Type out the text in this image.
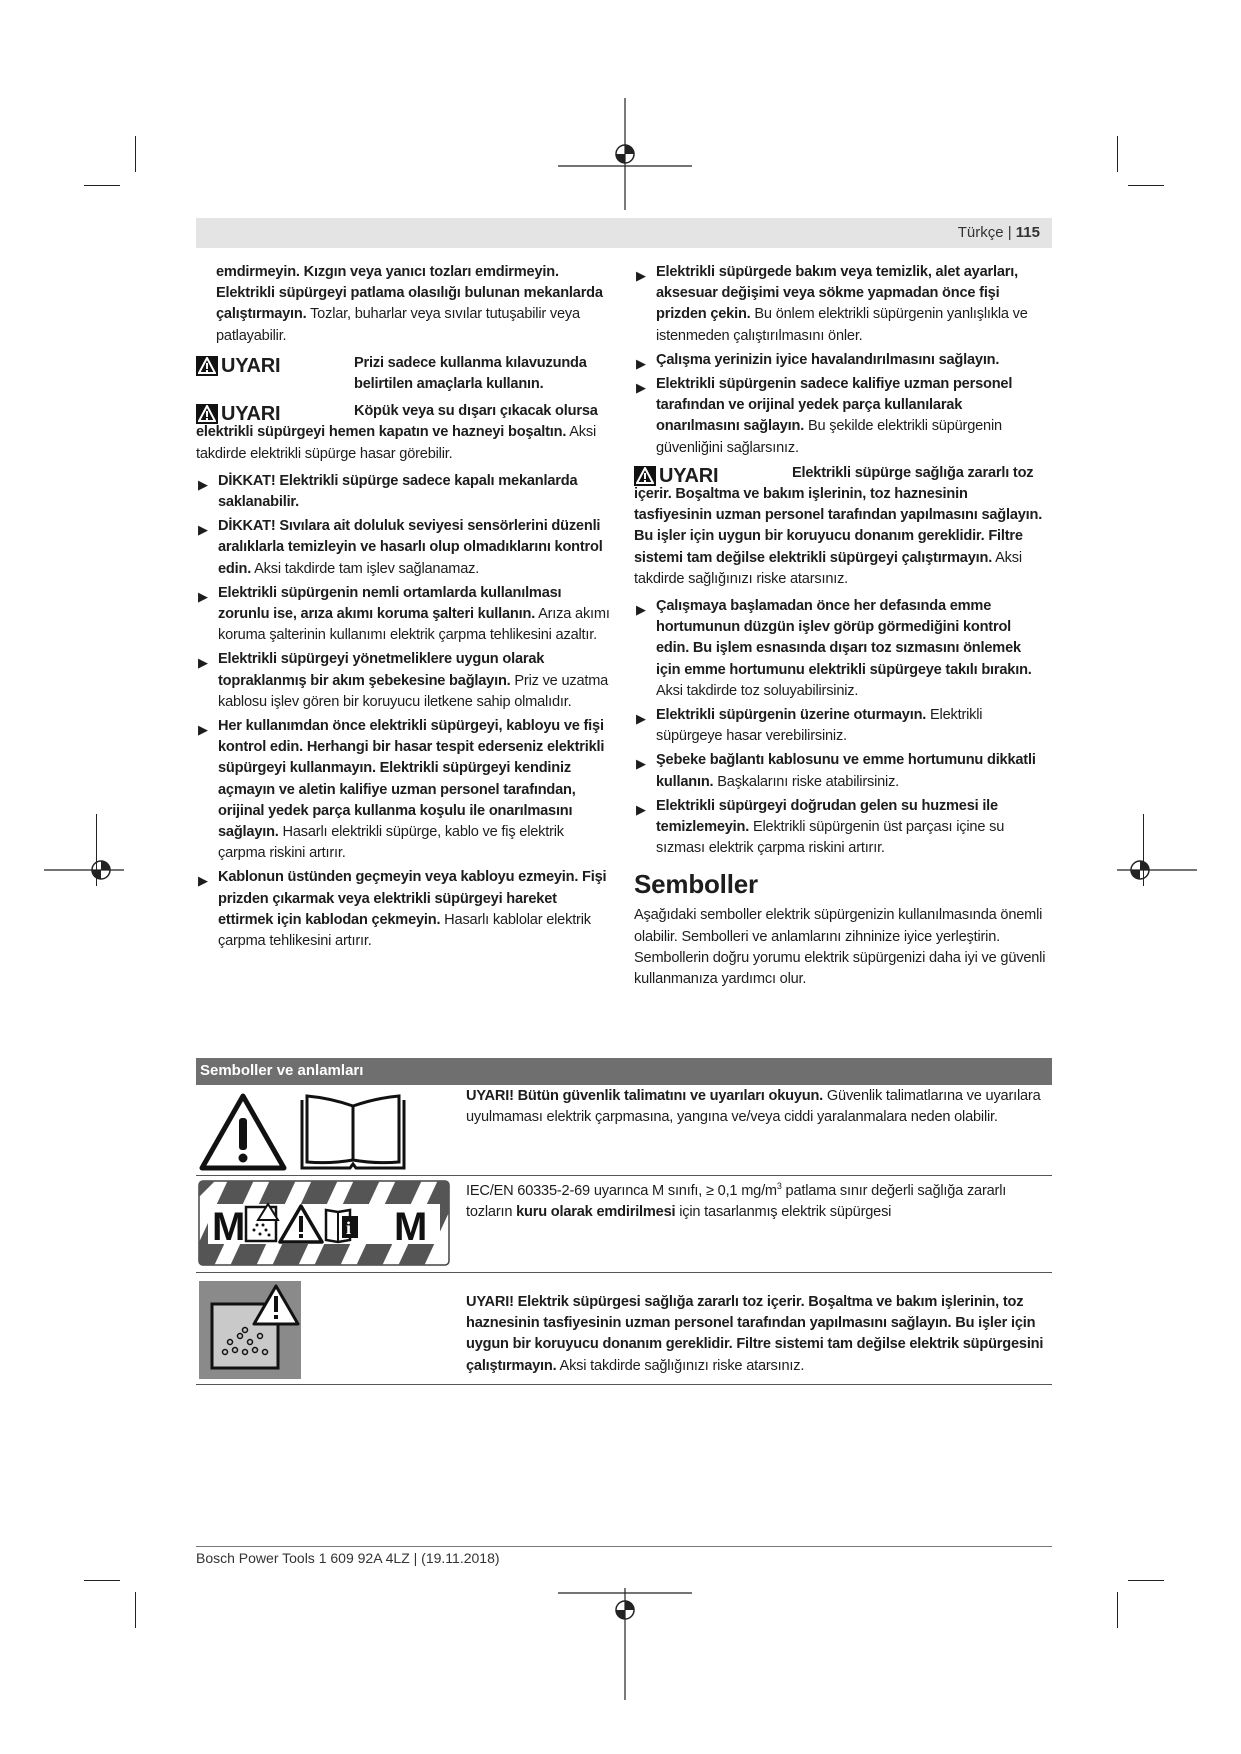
Türkçe | 115

emdirmeyin. Kızgın veya yanıcı tozları emdirmeyin. Elektrikli süpürgeyi patlama olasılığı bulunan mekanlarda çalıştırmayın. Tozlar, buharlar veya sıvılar tutuşabilir veya patlayabilir.

UYARI	Prizi sadece kullanma kılavuzunda belirtilen amaçlarla kullanın.

UYARI	Köpük veya su dışarı çıkacak olursa elektrikli süpürgeyi hemen kapatın ve hazneyi boşaltın. Aksi takdirde elektrikli süpürge hasar görebilir.

▶ DİKKAT! Elektrikli süpürge sadece kapalı mekanlarda saklanabilir.

▶ DİKKAT! Sıvılara ait doluluk seviyesi sensörlerini düzenli aralıklarla temizleyin ve hasarlı olup olmadıklarını kontrol edin. Aksi takdirde tam işlev sağlanamaz.

▶ Elektrikli süpürgenin nemli ortamlarda kullanılması zorunlu ise, arıza akımı koruma şalteri kullanın. Arıza akımı koruma şalterinin kullanımı elektrik çarpma tehlikesini azaltır.

▶ Elektrikli süpürgeyi yönetmeliklere uygun olarak topraklanmış bir akım şebekesine bağlayın. Priz ve uzatma kablosu işlev gören bir koruyucu iletkene sahip olmalıdır.

▶ Her kullanımdan önce elektrikli süpürgeyi, kabloyu ve fişi kontrol edin. Herhangi bir hasar tespit ederseniz elektrikli süpürgeyi kullanmayın. Elektrikli süpürgeyi kendiniz açmayın ve aletin kalifiye uzman personel tarafından, orijinal yedek parça kullanma koşulu ile onarılmasını sağlayın. Hasarlı elektrikli süpürge, kablo ve fiş elektrik çarpma riskini artırır.

▶ Kablonun üstünden geçmeyin veya kabloyu ezmeyin. Fişi prizden çıkarmak veya elektrikli süpürgeyi hareket ettirmek için kablodan çekmeyin. Hasarlı kablolar elektrik çarpma tehlikesini artırır.

▶ Elektrikli süpürgede bakım veya temizlik, alet ayarları, aksesuar değişimi veya sökme yapmadan önce fişi prizden çekin. Bu önlem elektrikli süpürgenin yanlışlıkla ve istenmeden çalıştırılmasını önler.

▶ Çalışma yerinizin iyice havalandırılmasını sağlayın.

▶ Elektrikli süpürgenin sadece kalifiye uzman personel tarafından ve orijinal yedek parça kullanılarak onarılmasını sağlayın. Bu şekilde elektrikli süpürgenin güvenliğini sağlarsınız.

UYARI	Elektrikli süpürge sağlığa zararlı toz içerir. Boşaltma ve bakım işlerinin, toz haznesinin tasfiyesinin uzman personel tarafından yapılmasını sağlayın. Bu işler için uygun bir koruyucu donanım gereklidir. Filtre sistemi tam değilse elektrikli süpürgeyi çalıştırmayın. Aksi takdirde sağlığınızı riske atarsınız.

▶ Çalışmaya başlamadan önce her defasında emme hortumunun düzgün işlev görüp görmediğini kontrol edin. Bu işlem esnasında dışarı toz sızmasını önlemek için emme hortumunu elektrikli süpürgeye takılı bırakın. Aksi takdirde toz soluyabilirsiniz.

▶ Elektrikli süpürgenin üzerine oturmayın. Elektrikli süpürgeye hasar verebilirsiniz.

▶ Şebeke bağlantı kablosunu ve emme hortumunu dikkatli kullanın. Başkalarını riske atabilirsiniz.

▶ Elektrikli süpürgeyi doğrudan gelen su huzmesi ile temizlemeyin. Elektrikli süpürgenin üst parçası içine su sızması elektrik çarpma riskini artırır.

Semboller

Aşağıdaki semboller elektrik süpürgenizin kullanılmasında önemli olabilir. Sembolleri ve anlamlarını zihninize iyice yerleştirin. Sembollerin doğru yorumu elektrik süpürgenizi daha iyi ve güvenli kullanmanıza yardımcı olur.

Semboller ve anlamları

UYARI! Bütün güvenlik talimatını ve uyarıları okuyun. Güvenlik talimatlarına ve uyarılara uyulmaması elektrik çarpmasına, yangına ve/veya ciddi yaralanmalara neden olabilir.

M	i M

IEC/EN 60335-2-69 uyarınca M sınıfı, ≥ 0,1 $mg/m^3$ patlama sınır değerli sağlığa zararlı tozların kuru olarak emdirilmesi için tasarlanmış elektrik süpürgesi

UYARI! Elektrik süpürgesi sağlığa zararlı toz içerir. Boşaltma ve bakım işlerinin, toz haznesinin tasfiyesinin uzman personel tarafından yapılmasını sağlayın. Bu işler için uygun bir koruyucu donanım gereklidir. Filtre sistemi tam değilse elektrik süpürgesini çalıştırmayın. Aksi takdirde sağlığınızı riske atarsınız.

Bosch Power Tools 1 609 92A 4LZ | (19.11.2018)
